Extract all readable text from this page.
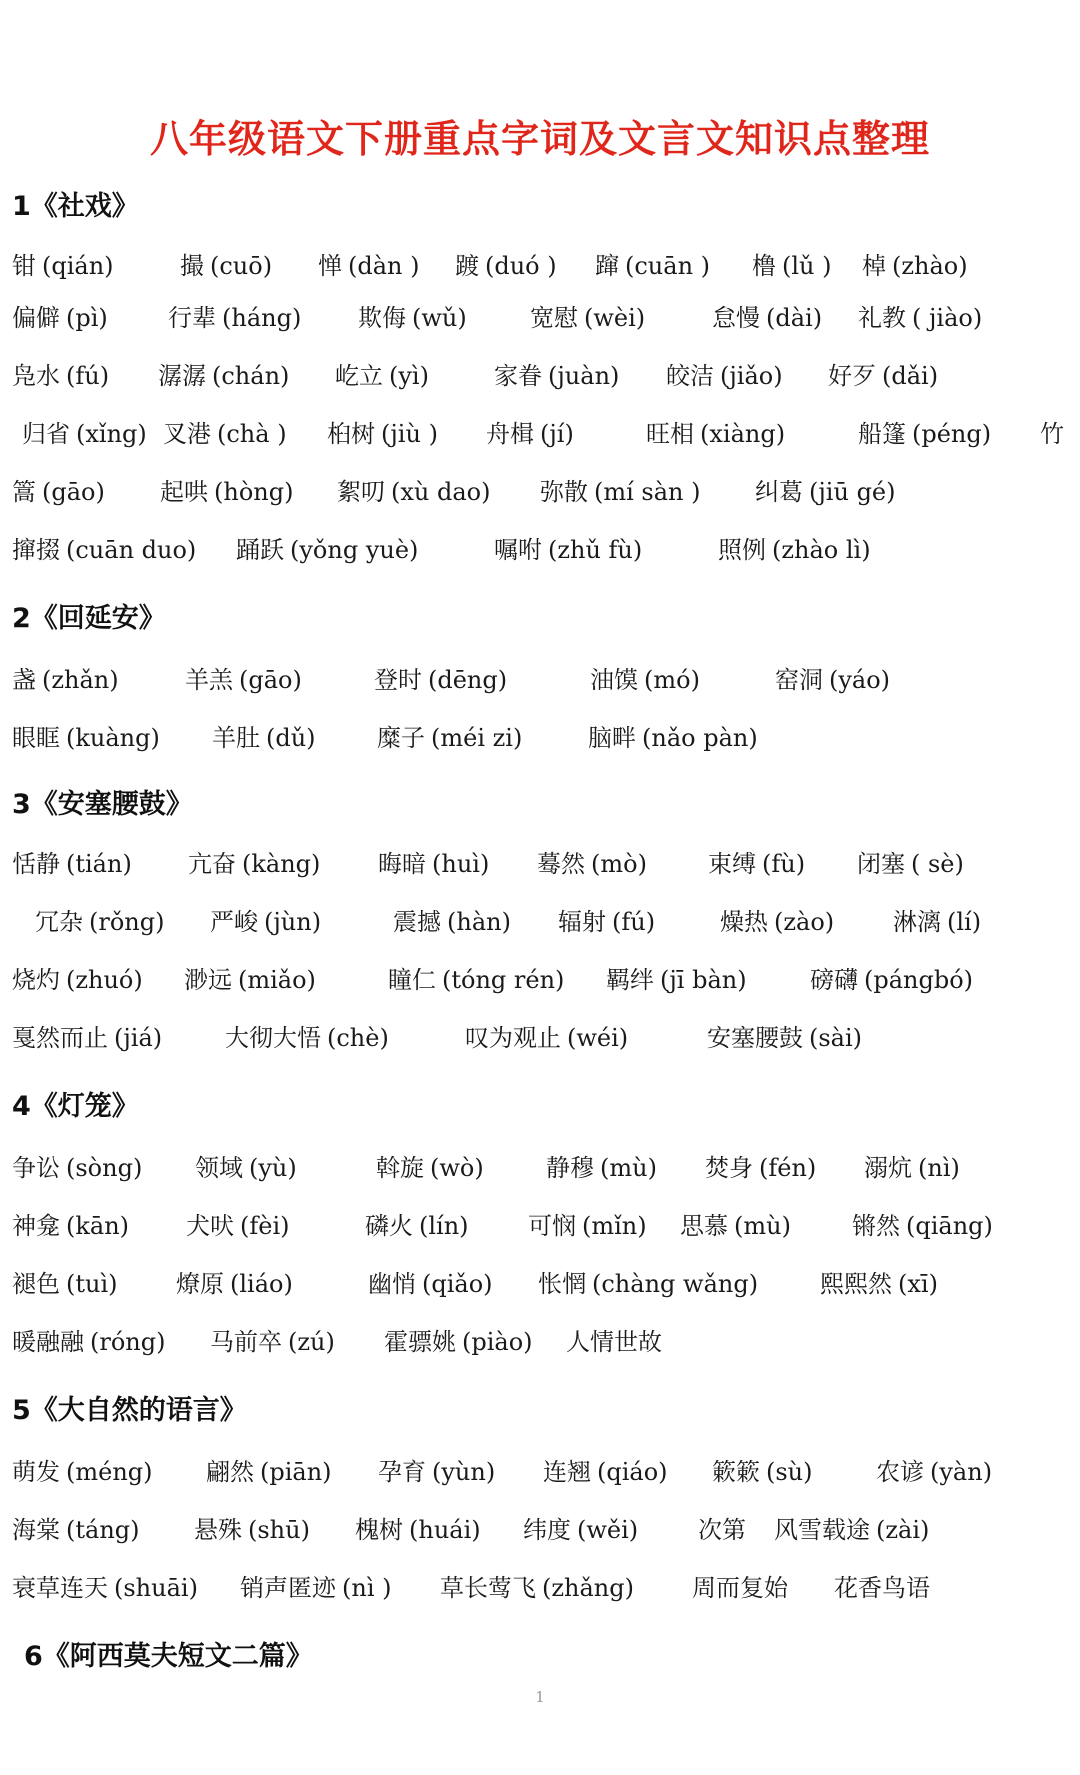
八年级语文下册重点字词及文言文知识点整理
1《社戏》
钳 (qián)	撮 (cuō) 惮 (dàn ) 踱 (duó ) 蹿 (cuān ) 橹 (lǔ ) 棹 (zhào)
偏僻 (pì)	行辈 (háng) 欺侮 (wǔ)	宽慰 (wèi)	怠慢 (dài) 礼教 ( jiào)
凫水 (fú) 潺潺 (chán) 屹立 (yì)	家眷 (juàn) 皎洁 (jiǎo) 好歹 (dǎi)
归省 (xǐng) 叉港 (chà ) 桕树 (jiù ) 舟楫 (jí)	旺相 (xiàng)	船篷 (péng) 竹
篙 (gāo) 起哄 (hòng) 絮叨 (xù dao) 弥散 (mí sàn ) 纠葛 (jiū gé)
撺掇 (cuān duo) 踊跃 (yǒng yuè)	嘱咐 (zhǔ fù)	照例 (zhào lì)
2《回延安》
盏 (zhǎn)	羊羔 (gāo)	登时 (dēng)	油馍 (mó)	窑洞 (yáo)
眼眶 (kuàng) 羊肚 (dǔ)	糜子 (méi zi)	脑畔 (nǎo pàn)
3《安塞腰鼓》
恬静 (tián) 亢奋 (kàng) 晦暗 (huì) 蓦然 (mò)	束缚 (fù) 闭塞 ( sè)
冗杂 (rǒng) 严峻 (jùn)	震撼 (hàn) 辐射 (fú)	燥热 (zào) 淋漓 (lí)
烧灼 (zhuó) 渺远 (miǎo)	瞳仁 (tóng rén) 羁绊 (jī bàn)	磅礴 (pángbó)
戛然而止 (jiá)	大彻大悟 (chè)	叹为观止 (wéi)	安塞腰鼓 (sài)
4《灯笼》
争讼 (sòng) 领域 (yù)	斡旋 (wò)	静穆 (mù) 焚身 (fén) 溺炕 (nì)
神龛 (kān) 犬吠 (fèi)	磷火 (lín) 可悯 (mǐn) 思慕 (mù)	锵然 (qiāng)
褪色 (tuì) 燎原 (liáo)	幽悄 (qiǎo) 怅惘 (chàng wǎng)	熙熙然 (xī)
暖融融 (róng) 马前卒 (zú) 霍骠姚 (piào) 人情世故
5《大自然的语言》
萌发 (méng) 翩然 (piān) 孕育 (yùn) 连翘 (qiáo) 簌簌 (sù)	农谚 (yàn)
海棠 (táng) 悬殊 (shū) 槐树 (huái) 纬度 (wěi) 次第 风雪载途 (zài)
衰草连天 (shuāi) 销声匿迹 (nì ) 草长莺飞 (zhǎng) 周而复始 花香鸟语
6《阿西莫夫短文二篇》
1
